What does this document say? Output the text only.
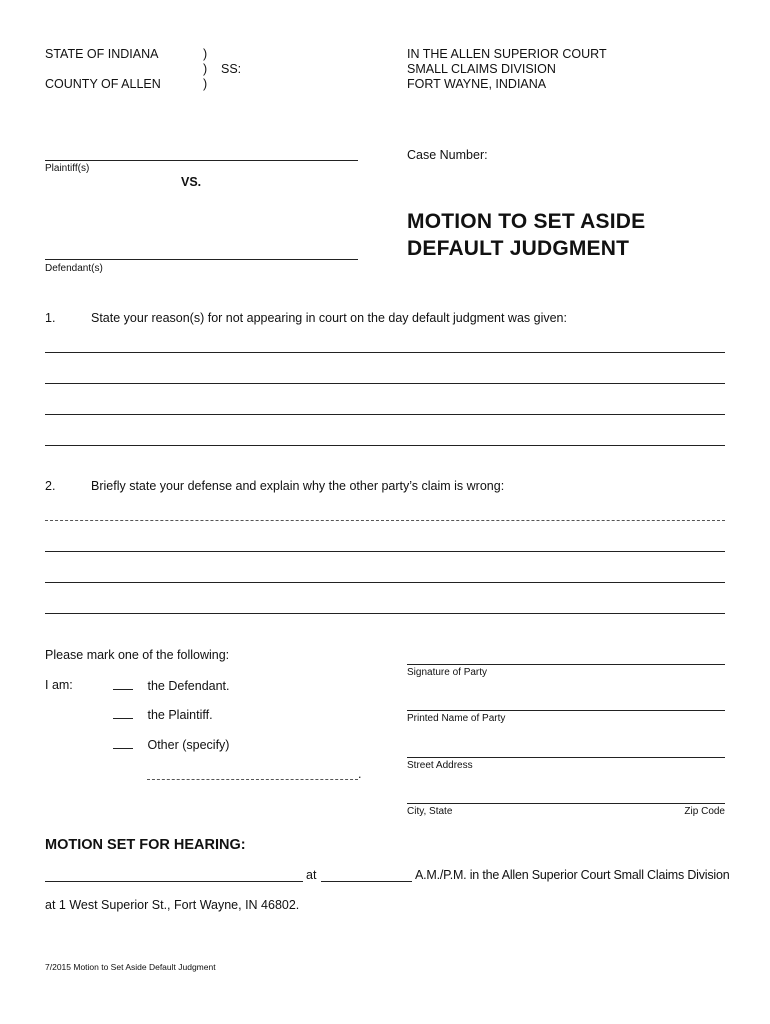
STATE OF INDIANA
COUNTY OF ALLEN
)
)
)
SS:
IN THE ALLEN SUPERIOR COURT
SMALL CLAIMS DIVISION
FORT WAYNE, INDIANA
Plaintiff(s)
VS.
Defendant(s)
Case Number:
MOTION TO SET ASIDE
DEFAULT JUDGMENT
1.	State your reason(s) for not appearing in court on the day default judgment was given:
2.	Briefly state your defense and explain why the other party’s claim is wrong:
Please mark one of the following:
I am:	the Defendant.
the Plaintiff.
Other (specify)
.
Signature of Party
Printed Name of Party
Street Address
City, State	Zip Code
MOTION SET FOR HEARING:
at	A.M./P.M. in the Allen Superior Court Small Claims Division
at 1 West Superior St., Fort Wayne, IN 46802.
7/2015 Motion to Set Aside Default Judgment
